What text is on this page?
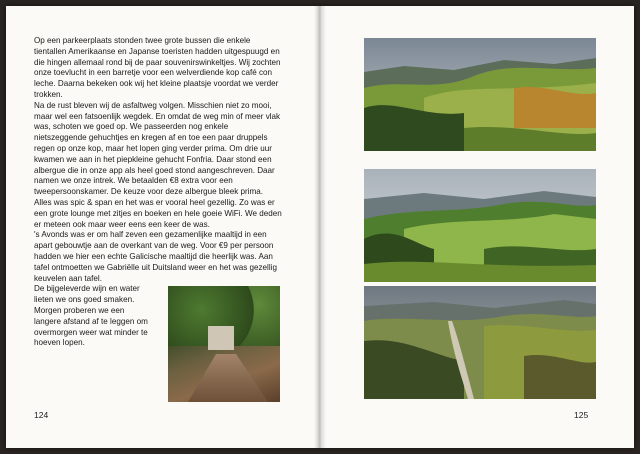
Op een parkeerplaats stonden twee grote bussen die enkele tientallen Amerikaanse en Japanse toeristen hadden uitgespuugd en die hingen allemaal rond bij de paar souvenirswinkeltjes. Wij zochten onze toevlucht in een barretje voor een welverdiende kop café con leche. Daarna bekeken ook wij het kleine plaatsje voordat we verder trokken.

Na de rust bleven wij de asfaltweg volgen. Misschien niet zo mooi, maar wel een fatsoenlijk wegdek. En omdat de weg min of meer vlak was, schoten we goed op. We passeerden nog enkele nietszeggende gehuchtjes en kregen af en toe een paar druppels regen op onze kop, maar het lopen ging verder prima. Om drie uur kwamen we aan in het piepkleine gehucht Fonfria. Daar stond een albergue die in onze app als heel goed stond aangeschreven. Daar namen we onze intrek. We betaalden €8 extra voor een tweepersoonskamer. De keuze voor deze albergue bleek prima. Alles was spic & span en het was er vooral heel gezellig. Zo was er een grote lounge met zitjes en boeken en hele goeie WiFi. We deden er meteen ook maar weer eens een keer de was.

's Avonds was er om half zeven een gezamenlijke maaltijd in een apart gebouwtje aan de overkant van de weg. Voor €9 per persoon hadden we hier een echte Galicische maaltijd die heerlijk was. Aan tafel ontmoetten we Gabriëlle uit Duitsland weer en het was gezellig keuvelen aan tafel.

De bijgeleverde wijn en water lieten we ons goed smaken. Morgen proberen we een langere afstand af te leggen om overmorgen weer wat minder te hoeven lopen.

124	125
